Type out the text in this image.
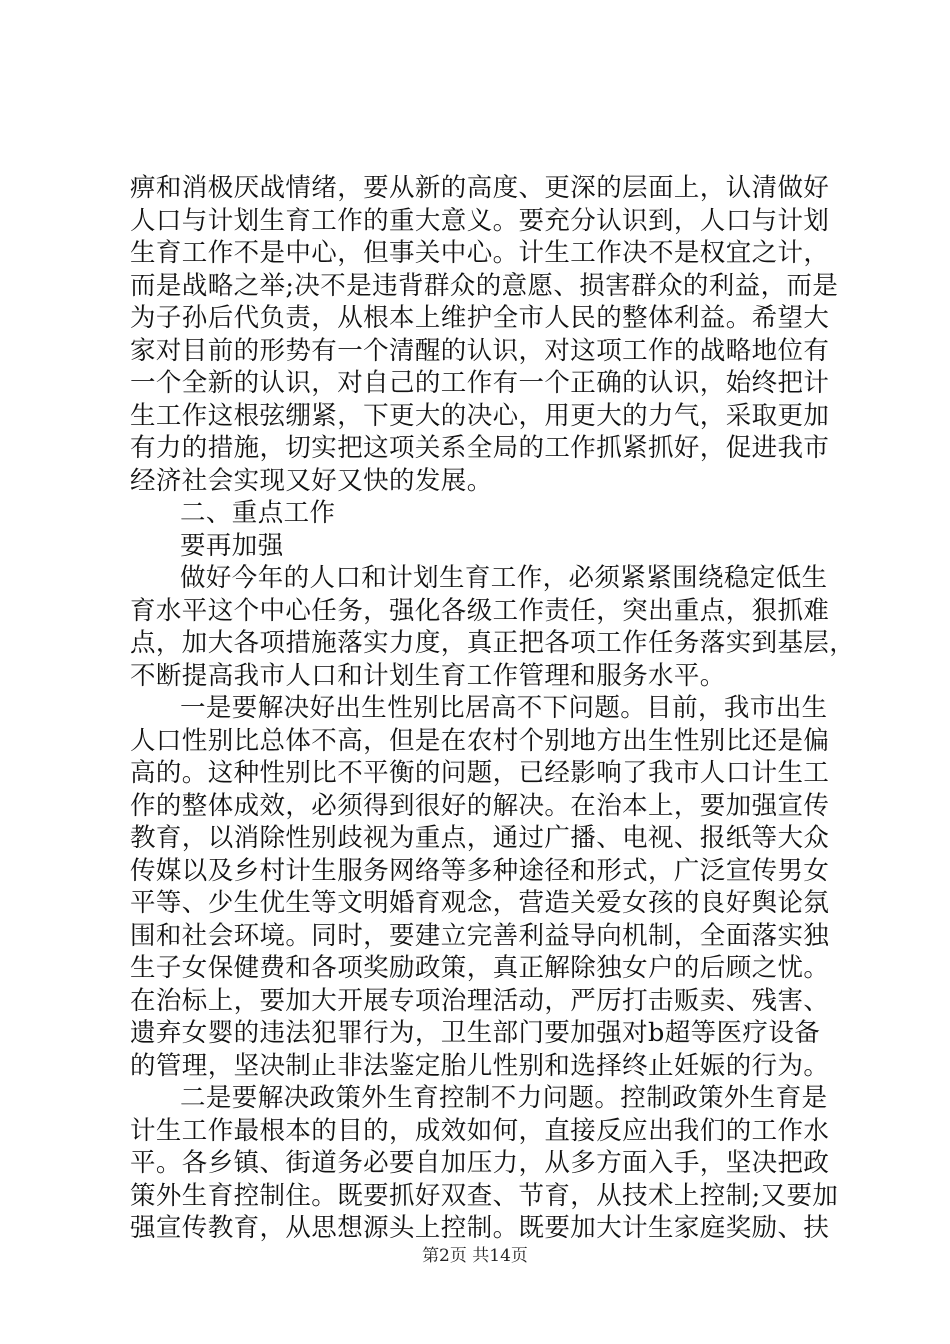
痹和消极厌战情绪，要从新的高度、更深的层面上，认清做好
人口与计划生育工作的重大意义。要充分认识到，人口与计划
生育工作不是中心，但事关中心。计生工作决不是权宜之计，
而是战略之举;决不是违背群众的意愿、损害群众的利益，而是
为子孙后代负责，从根本上维护全市人民的整体利益。希望大
家对目前的形势有一个清醒的认识，对这项工作的战略地位有
一个全新的认识，对自己的工作有一个正确的认识，始终把计
生工作这根弦绷紧，下更大的决心，用更大的力气，采取更加
有力的措施，切实把这项关系全局的工作抓紧抓好，促进我市
经济社会实现又好又快的发展。
二、重点工作
要再加强
做好今年的人口和计划生育工作，必须紧紧围绕稳定低生
育水平这个中心任务，强化各级工作责任，突出重点，狠抓难
点，加大各项措施落实力度，真正把各项工作任务落实到基层，
不断提高我市人口和计划生育工作管理和服务水平。
一是要解决好出生性别比居高不下问题。目前，我市出生
人口性别比总体不高，但是在农村个别地方出生性别比还是偏
高的。这种性别比不平衡的问题，已经影响了我市人口计生工
作的整体成效，必须得到很好的解决。在治本上，要加强宣传
教育，以消除性别歧视为重点，通过广播、电视、报纸等大众
传媒以及乡村计生服务网络等多种途径和形式，广泛宣传男女
平等、少生优生等文明婚育观念，营造关爱女孩的良好舆论氛
围和社会环境。同时，要建立完善利益导向机制，全面落实独
生子女保健费和各项奖励政策，真正解除独女户的后顾之忧。
在治标上，要加大开展专项治理活动，严厉打击贩卖、残害、
遗弃女婴的违法犯罪行为，卫生部门要加强对b超等医疗设备
的管理，坚决制止非法鉴定胎儿性别和选择终止妊娠的行为。
二是要解决政策外生育控制不力问题。控制政策外生育是
计生工作最根本的目的，成效如何，直接反应出我们的工作水
平。各乡镇、街道务必要自加压力，从多方面入手，坚决把政
策外生育控制住。既要抓好双查、节育，从技术上控制;又要加
强宣传教育，从思想源头上控制。既要加大计生家庭奖励、扶
第2页 共14页
